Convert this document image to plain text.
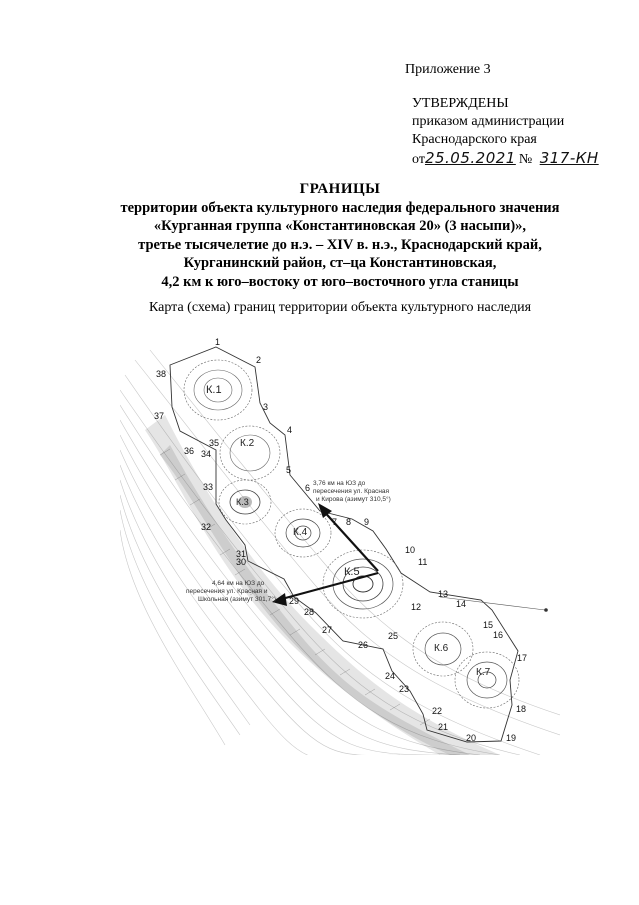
Приложение 3
УТВЕРЖДЕНЫ
приказом администрации
Краснодарского края
от25.05.2021 № 317-КН
ГРАНИЦЫ
территории объекта культурного наследия федерального значения
«Курганная группа «Константиновская 20» (3 насыпи)»,
третье тысячелетие до н.э. – XIV в. н.э., Краснодарский край,
Курганинский район, ст–ца Константиновская,
4,2 км к юго–востоку от юго–восточного угла станицы
Карта (схема) границ территории объекта культурного наследия
К.1
К.2
К.3
К.4
К.5
К.6
К.7
3,76 км на ЮЗ до
пересечения ул. Красная
и Кирова (азимут 310,5°)
4,64 км на ЮЗ до
пересечения ул. Красная и
Школьная (азимут 301,7°)
1
2
3
4
5
6
7 8 9
10
11
12
13
14
15
16
17
18
19
20
21
22
23
24
25
26
27
28
29
30
31
32
33
34
35
36
37
38
